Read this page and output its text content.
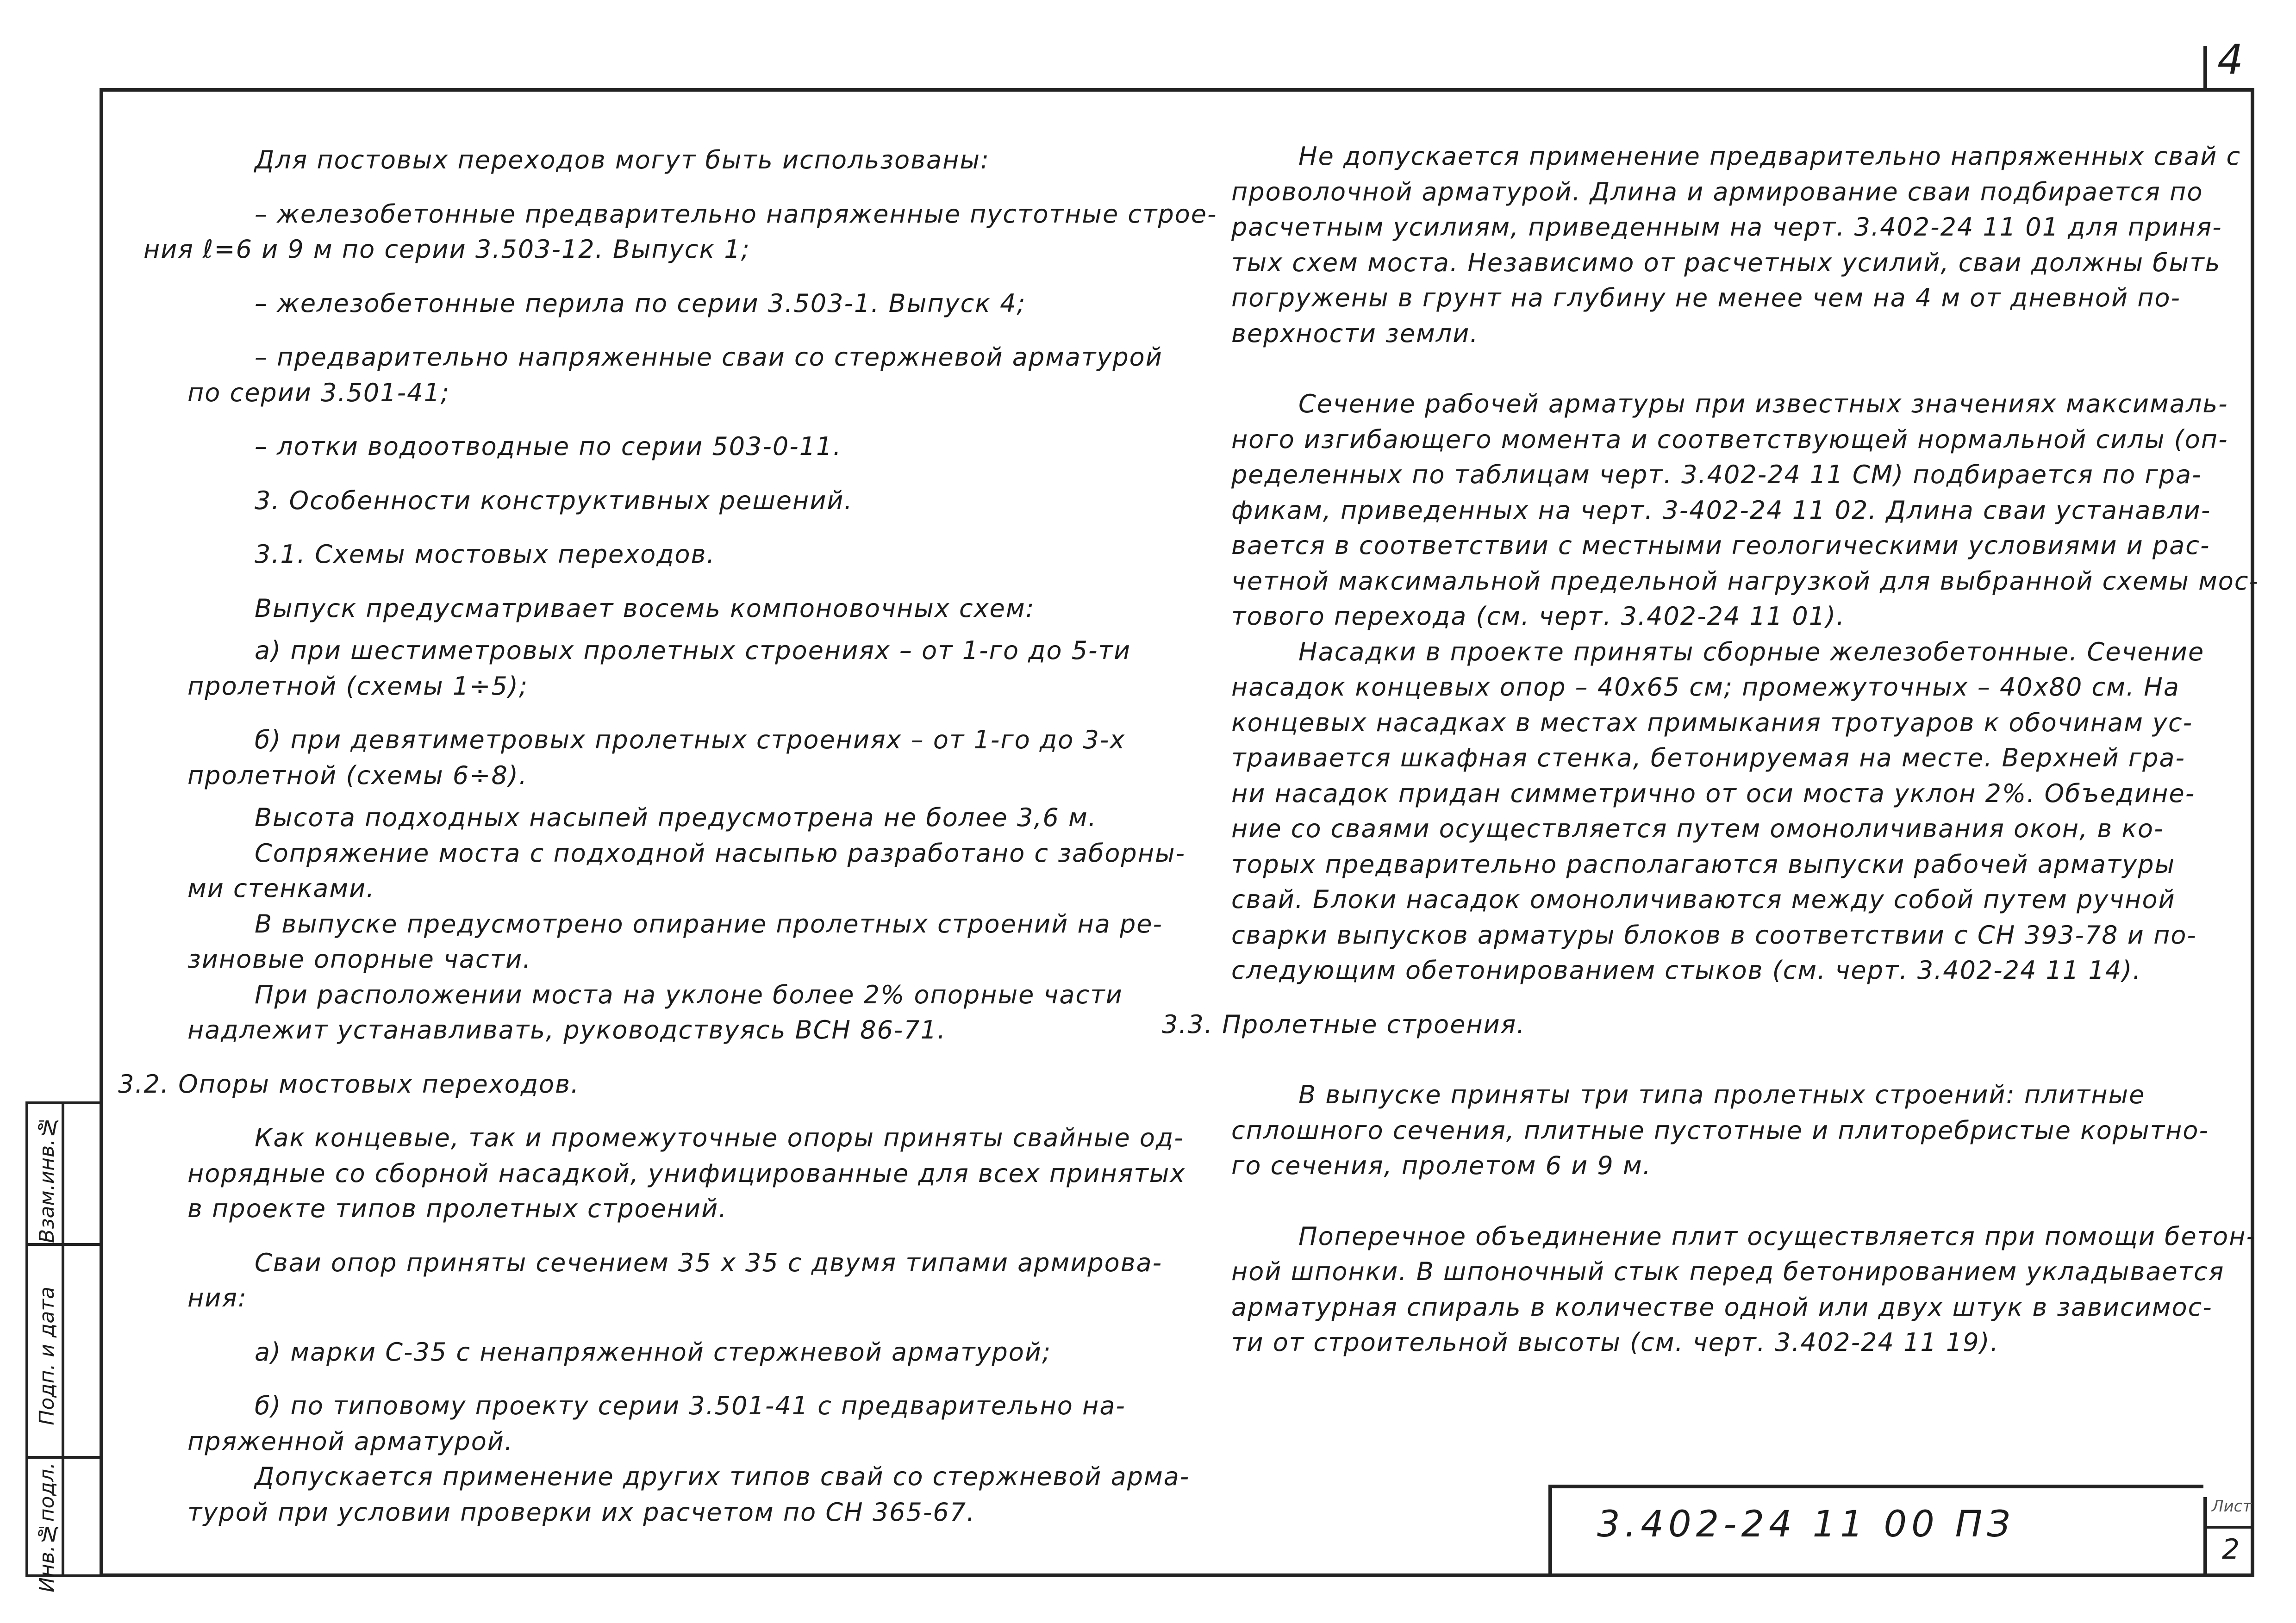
4

Для постовых переходов могут быть использованы:

– железобетонные предварительно напряженные пустотные строе-

ния ℓ=6 и 9 м по серии 3.503-12. Выпуск 1;

– железобетонные перила по серии 3.503-1. Выпуск 4;

– предварительно напряженные сваи со стержневой арматурой

по серии 3.501-41;

– лотки водоотводные по серии 503-0-11.

3. Особенности конструктивных решений.

3.1. Схемы мостовых переходов.

Выпуск предусматривает восемь компоновочных схем:

а) при шестиметровых пролетных строениях – от 1-го до 5-ти

пролетной (схемы 1÷5);

б) при девятиметровых пролетных строениях – от 1-го до 3-х

пролетной (схемы 6÷8).

Высота подходных насыпей предусмотрена не более 3,6 м.

Сопряжение моста с подходной насыпью разработано с заборны-

ми стенками.

В выпуске предусмотрено опирание пролетных строений на ре-

зиновые опорные части.

При расположении моста на уклоне более 2% опорные части

надлежит устанавливать, руководствуясь ВСН 86-71.

3.2. Опоры мостовых переходов.

Как концевые, так и промежуточные опоры приняты свайные од-

норядные со сборной насадкой, унифицированные для всех принятых

в проекте типов пролетных строений.

Сваи опор приняты сечением 35 х 35 с двумя типами армирова-

ния:

а) марки С-35 с ненапряженной стержневой арматурой;

б) по типовому проекту серии 3.501-41 с предварительно на-

пряженной арматурой.

Допускается применение других типов свай со стержневой арма-

турой при условии проверки их расчетом по СН 365-67.

Не допускается применение предварительно напряженных свай с

проволочной арматурой. Длина и армирование сваи подбирается по

расчетным усилиям, приведенным на черт. 3.402-24 11 01 для приня-

тых схем моста. Независимо от расчетных усилий, сваи должны быть

погружены в грунт на глубину не менее чем на 4 м от дневной по-

верхности земли.

Сечение рабочей арматуры при известных значениях максималь-

ного изгибающего момента и соответствующей нормальной силы (оп-

ределенных по таблицам черт. 3.402-24 11 СМ) подбирается по гра-

фикам, приведенных на черт. 3-402-24 11 02. Длина сваи устанавли-

вается в соответствии с местными геологическими условиями и рас-

четной максимальной предельной нагрузкой для выбранной схемы мос-

тового перехода (см. черт. 3.402-24 11 01).

Насадки в проекте приняты сборные железобетонные. Сечение

насадок концевых опор – 40х65 см; промежуточных – 40х80 см. На

концевых насадках в местах примыкания тротуаров к обочинам ус-

траивается шкафная стенка, бетонируемая на месте. Верхней гра-

ни насадок придан симметрично от оси моста уклон 2%. Объедине-

ние со сваями осуществляется путем омоноличивания окон, в ко-

торых предварительно располагаются выпуски рабочей арматуры

свай. Блоки насадок омоноличиваются между собой путем ручной

сварки выпусков арматуры блоков в соответствии с СН 393-78 и по-

следующим обетонированием стыков (см. черт. 3.402-24 11 14).

3.3. Пролетные строения.

В выпуске приняты три типа пролетных строений: плитные

сплошного сечения, плитные пустотные и плиторебристые корытно-

го сечения, пролетом 6 и 9 м.

Поперечное объединение плит осуществляется при помощи бетон-

ной шпонки. В шпоночный стык перед бетонированием укладывается

арматурная спираль в количестве одной или двух штук в зависимос-

ти от строительной высоты (см. черт. 3.402-24 11 19).

3.402-24 11 00 ПЗ	Лист
2
Взам.инв.№
Подп. и дата
Инв.№подл.
